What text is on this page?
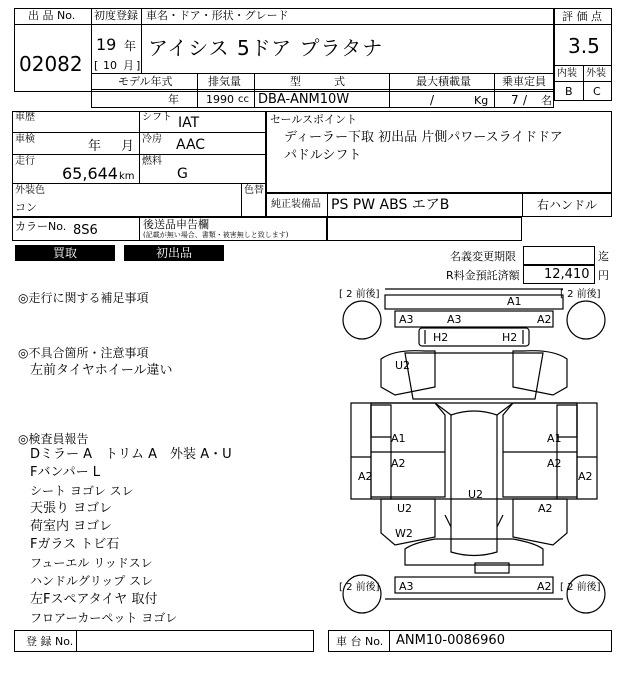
出 品 No.
02082
初度登録 車名・ドア・形状・グレード
19 年
[ 10 月 ]
アイシス 5ドア プラタナ
モデル年式	排気量	型　　　式	最大積載量	乗車定員
年 1990 cc DBA-ANM10W	/	Kg 7 / 名
評 価 点
3.5
内装 外装
B C
車歴	シフト IAT
車検	年 月 冷房 AAC
走行
65,644 km
燃料
G
外装色	色替
コン
カラーNo. 8S6	後送品申告欄
(記載が無い場合、書類・被害無しと致します)
セールスポイント
ディーラー下取 初出品 片側パワースライドドア
パドルシフト
純正装備品 PS PW ABS エアB	右ハンドル
買取	初出品	名義変更期限	迄
R料金預託済額 12,410 円
◎走行に関する補足事項
◎不具合箇所・注意事項
左前タイヤホイール違い
◎検査員報告
Dミラー A　トリム A　外装 A・U
Fバンパー L
シート ヨゴレ スレ
天張り ヨゴレ
荷室内 ヨゴレ
Fガラス トビ石
フューエル リッドスレ
ハンドルグリップ スレ
左Fスペアタイヤ 取付
フロアーカーペット ヨゴレ
[ 2 前後]	[ 2 前後]
[ 2 前後]	[ 2 前後]
A1
A3	A3	A2
H2	H2
U2
A1	A1
A2	A2
A2	A2
U2
U2	A2
W2
A3	A2
登 録 No.	車 台 No. ANM10-0086960
